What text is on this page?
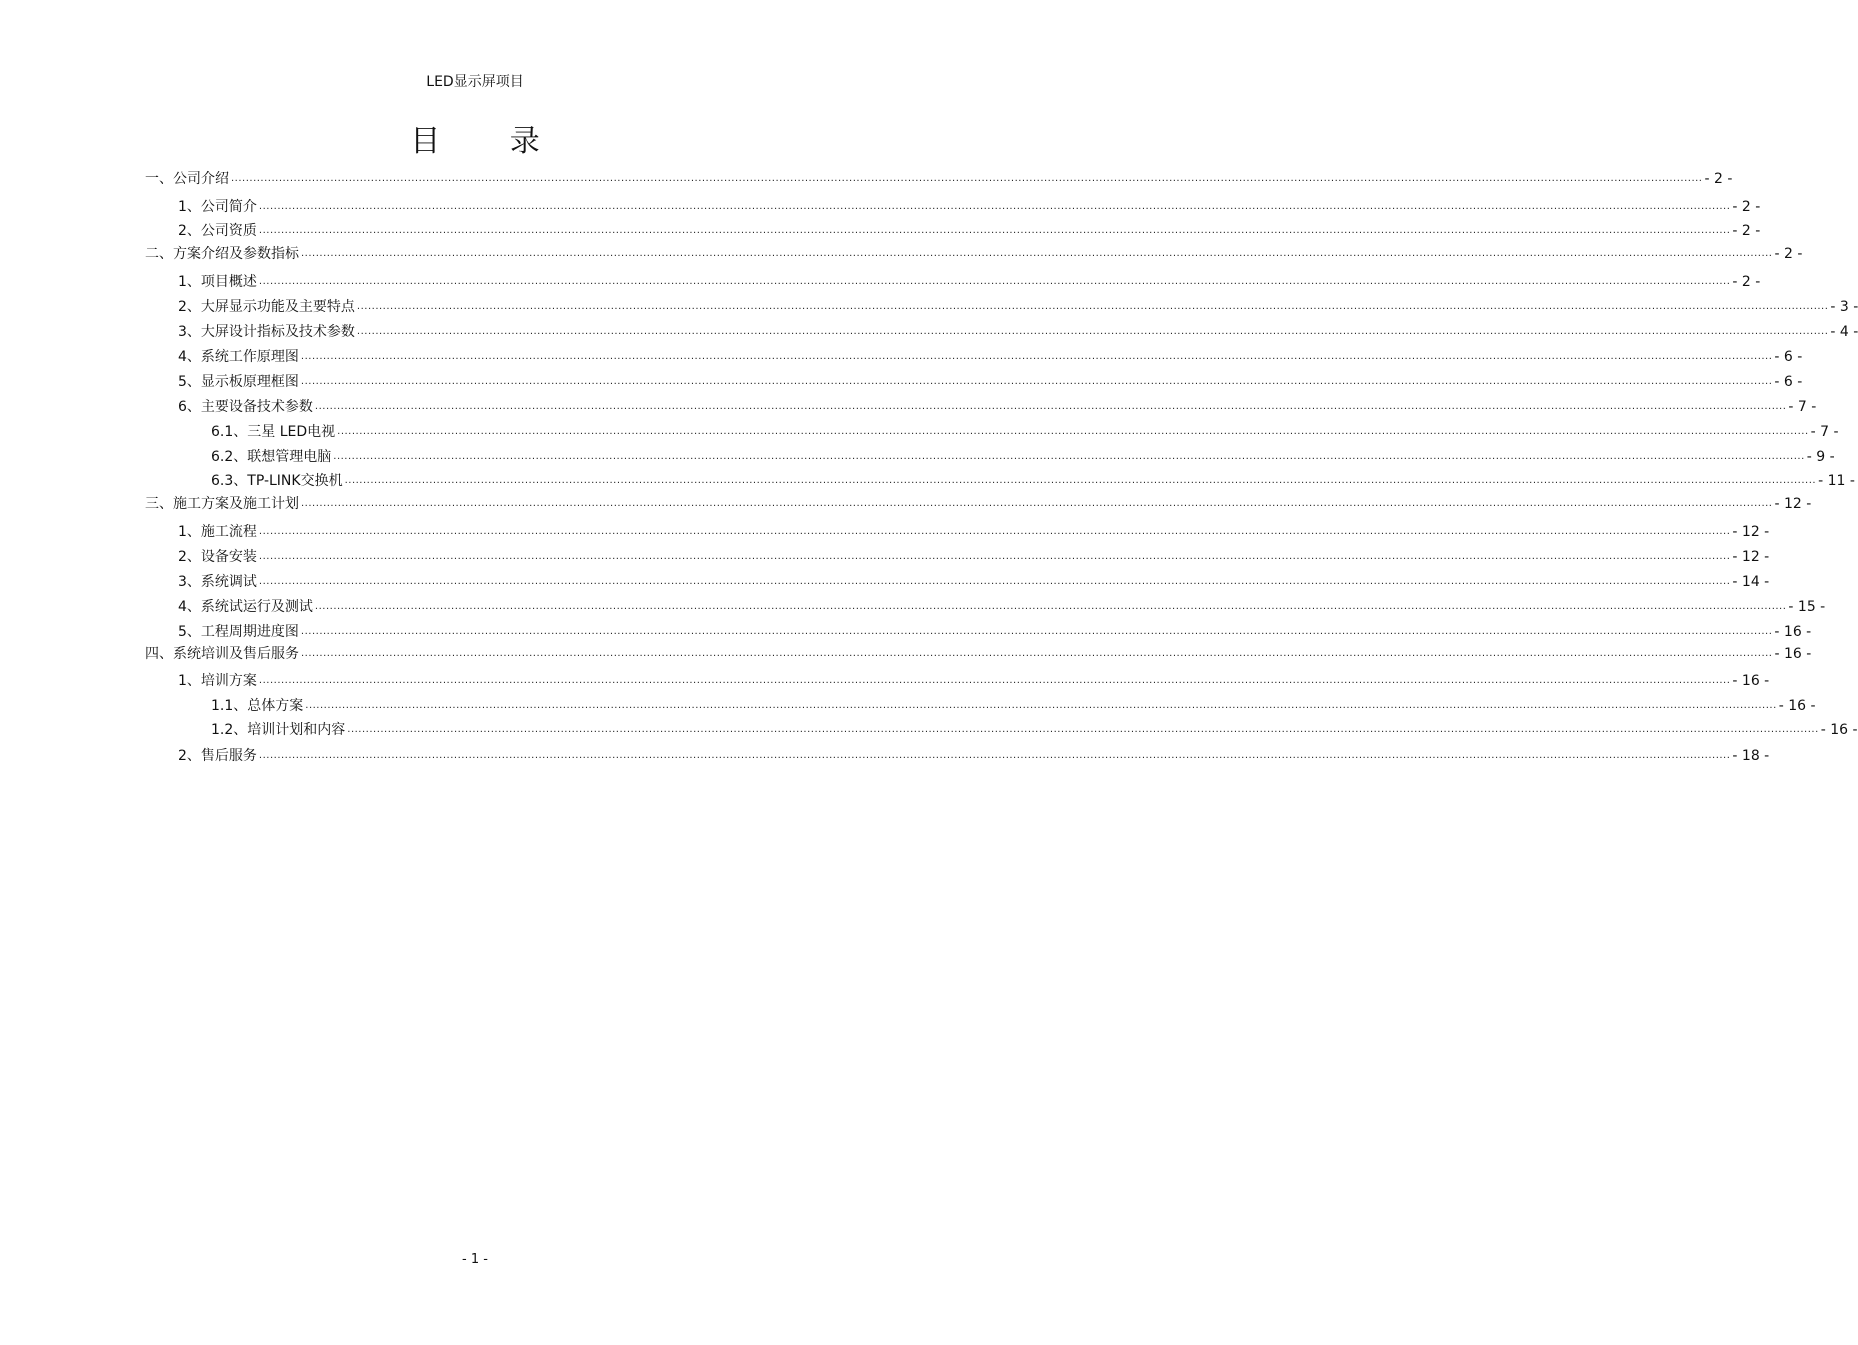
LED显示屏项目
目 录
一、公司介绍 ................................................................................................................................................................................................................................................................................................................................................................................................................ - 2 -
1、公司简介 ................................................................................................................................................................................................................................................................................................................................................................................................................ - 2 -
2、公司资质 ................................................................................................................................................................................................................................................................................................................................................................................................................ - 2 -
二、方案介绍及参数指标 ................................................................................................................................................................................................................................................................................................................................................................................................................ - 2 -
1、项目概述 ................................................................................................................................................................................................................................................................................................................................................................................................................ - 2 -
2、大屏显示功能及主要特点 ................................................................................................................................................................................................................................................................................................................................................................................................................ - 3 -
3、大屏设计指标及技术参数 ................................................................................................................................................................................................................................................................................................................................................................................................................ - 4 -
4、系统工作原理图 ................................................................................................................................................................................................................................................................................................................................................................................................................ - 6 -
5、显示板原理框图 ................................................................................................................................................................................................................................................................................................................................................................................................................ - 6 -
6、主要设备技术参数 ................................................................................................................................................................................................................................................................................................................................................................................................................ - 7 -
6.1、三星 LED电视 ................................................................................................................................................................................................................................................................................................................................................................................................................ - 7 -
6.2、联想管理电脑 ................................................................................................................................................................................................................................................................................................................................................................................................................ - 9 -
6.3、TP-LINK交换机 ................................................................................................................................................................................................................................................................................................................................................................................................................ - 11 -
三、施工方案及施工计划 ................................................................................................................................................................................................................................................................................................................................................................................................................ - 12 -
1、施工流程 ................................................................................................................................................................................................................................................................................................................................................................................................................ - 12 -
2、设备安装 ................................................................................................................................................................................................................................................................................................................................................................................................................ - 12 -
3、系统调试 ................................................................................................................................................................................................................................................................................................................................................................................................................ - 14 -
4、系统试运行及测试 ................................................................................................................................................................................................................................................................................................................................................................................................................ - 15 -
5、工程周期进度图 ................................................................................................................................................................................................................................................................................................................................................................................................................ - 16 -
四、系统培训及售后服务 ................................................................................................................................................................................................................................................................................................................................................................................................................ - 16 -
1、培训方案 ................................................................................................................................................................................................................................................................................................................................................................................................................ - 16 -
1.1、总体方案 ................................................................................................................................................................................................................................................................................................................................................................................................................ - 16 -
1.2、培训计划和内容 ................................................................................................................................................................................................................................................................................................................................................................................................................ - 16 -
2、售后服务 ................................................................................................................................................................................................................................................................................................................................................................................................................ - 18 -
- 1 -
